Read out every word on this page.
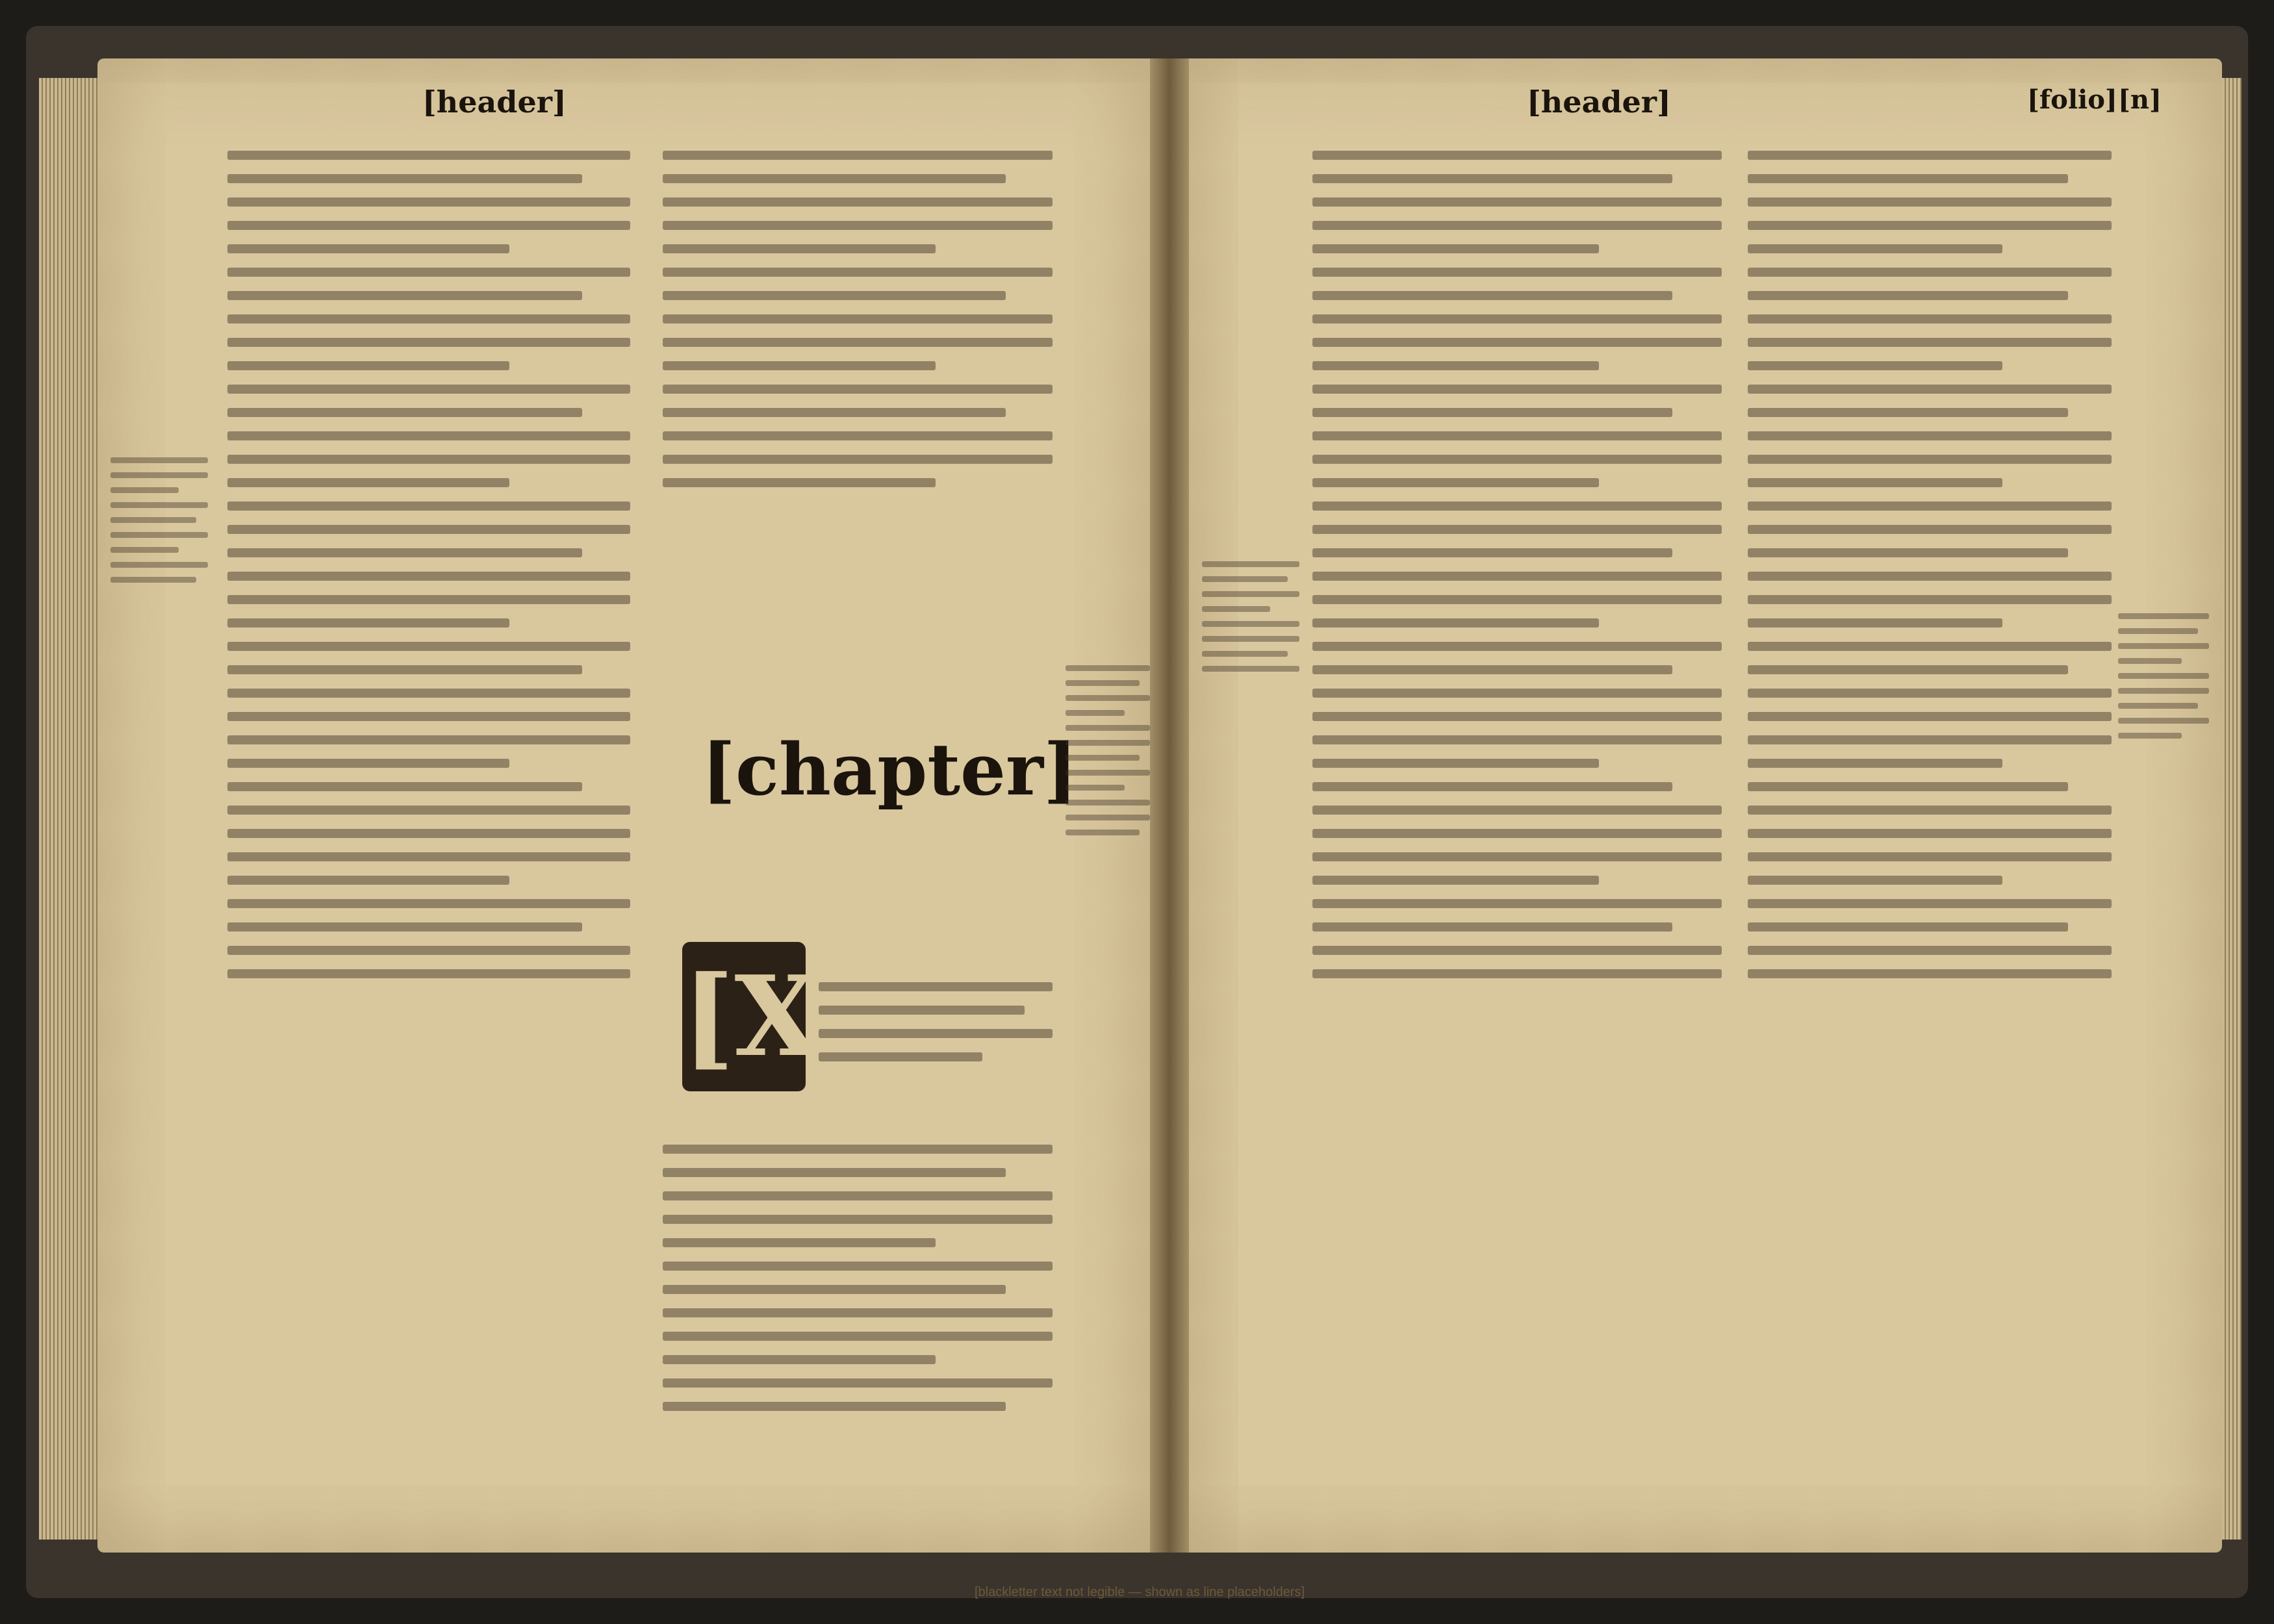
[header]
[chapter]
[X]
[header]	[folio] [n]
[blackletter text not legible — shown as line placeholders]
